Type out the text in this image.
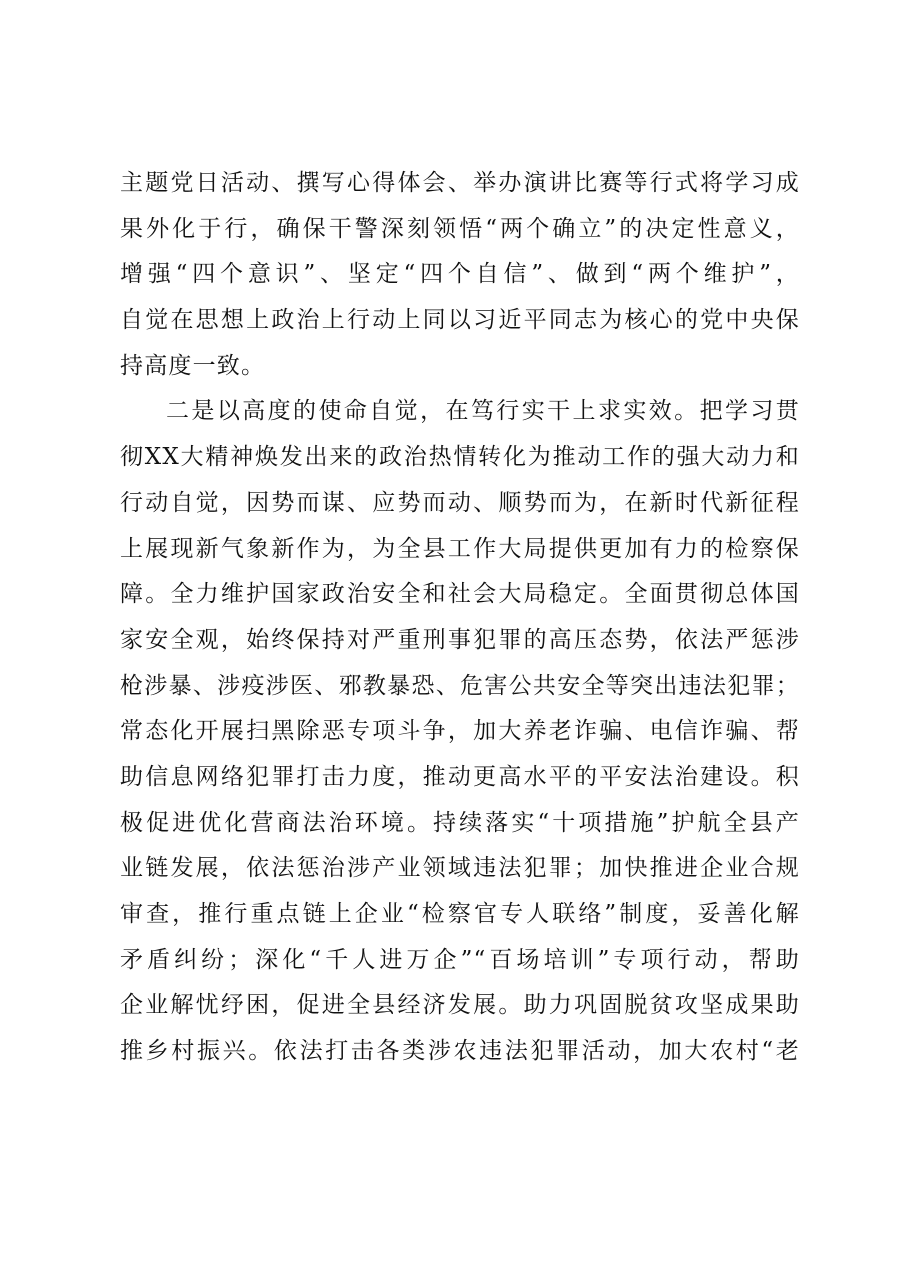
主题党日活动、撰写心得体会、举办演讲比赛等行式将学习成
果外化于行，确保干警深刻领悟“两个确立”的决定性意义，
增强“四个意识”、坚定“四个自信”、做到“两个维护”，
自觉在思想上政治上行动上同以习近平同志为核心的党中央保
持高度一致。
二是以高度的使命自觉，在笃行实干上求实效。把学习贯
彻XX大精神焕发出来的政治热情转化为推动工作的强大动力和
行动自觉，因势而谋、应势而动、顺势而为，在新时代新征程
上展现新气象新作为，为全县工作大局提供更加有力的检察保
障。全力维护国家政治安全和社会大局稳定。全面贯彻总体国
家安全观，始终保持对严重刑事犯罪的高压态势，依法严惩涉
枪涉暴、涉疫涉医、邪教暴恐、危害公共安全等突出违法犯罪；
常态化开展扫黑除恶专项斗争，加大养老诈骗、电信诈骗、帮
助信息网络犯罪打击力度，推动更高水平的平安法治建设。积
极促进优化营商法治环境。持续落实“十项措施”护航全县产
业链发展，依法惩治涉产业领域违法犯罪；加快推进企业合规
审查，推行重点链上企业“检察官专人联络”制度，妥善化解
矛盾纠纷；深化“千人进万企”“百场培训”专项行动，帮助
企业解忧纾困，促进全县经济发展。助力巩固脱贫攻坚成果助
推乡村振兴。依法打击各类涉农违法犯罪活动，加大农村“老
